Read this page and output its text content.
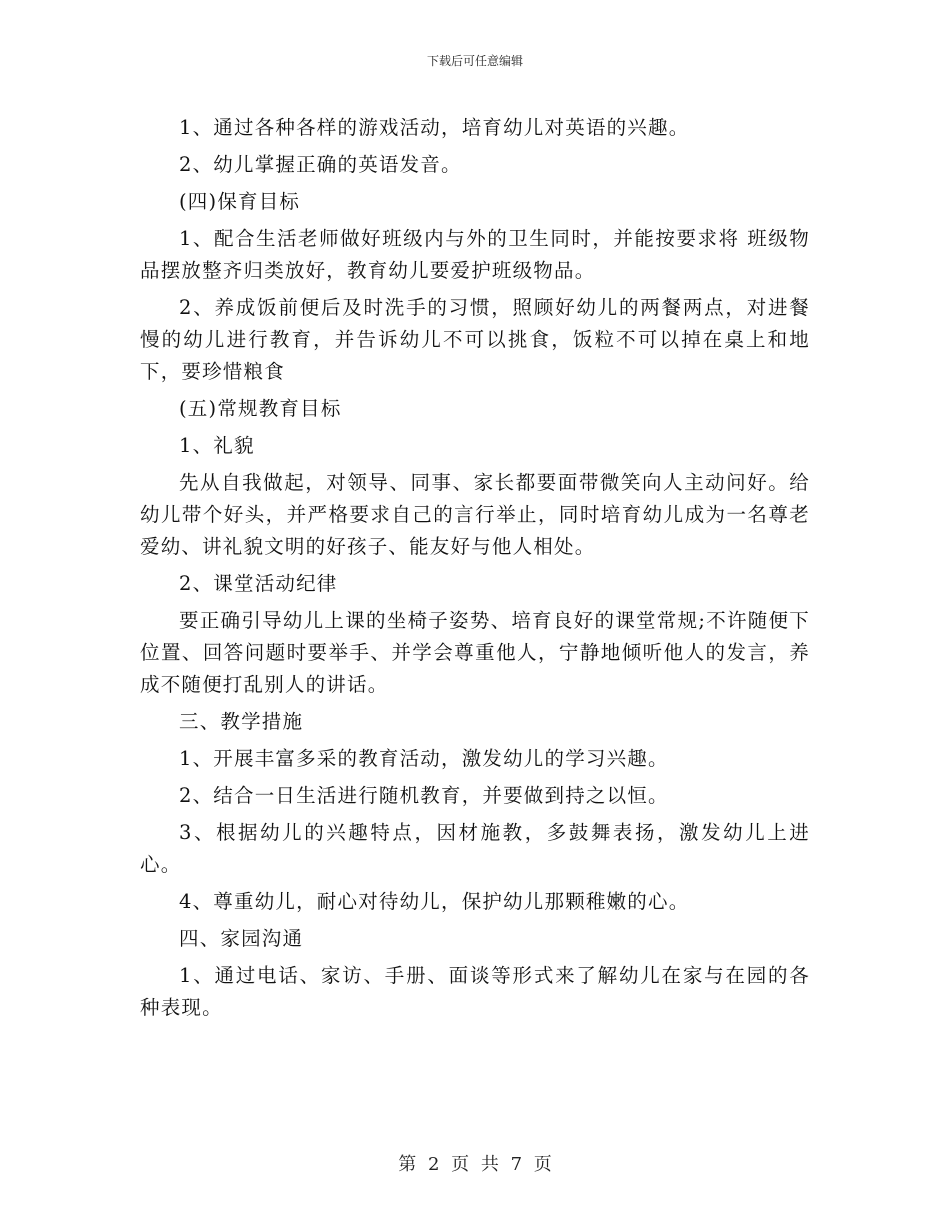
下载后可任意编辑

1、通过各种各样的游戏活动，培育幼儿对英语的兴趣。

2、幼儿掌握正确的英语发音。

(四)保育目标

1、配合生活老师做好班级内与外的卫生同时，并能按要求将 班级物品摆放整齐归类放好，教育幼儿要爱护班级物品。

2、养成饭前便后及时洗手的习惯，照顾好幼儿的两餐两点，对进餐慢的幼儿进行教育，并告诉幼儿不可以挑食，饭粒不可以掉在桌上和地下，要珍惜粮食

(五)常规教育目标

1、礼貌

先从自我做起，对领导、同事、家长都要面带微笑向人主动问好。给幼儿带个好头，并严格要求自己的言行举止，同时培育幼儿成为一名尊老爱幼、讲礼貌文明的好孩子、能友好与他人相处。

2、课堂活动纪律

要正确引导幼儿上课的坐椅子姿势、培育良好的课堂常规;不许随便下位置、回答问题时要举手、并学会尊重他人，宁静地倾听他人的发言，养成不随便打乱别人的讲话。

三、教学措施

1、开展丰富多采的教育活动，激发幼儿的学习兴趣。

2、结合一日生活进行随机教育，并要做到持之以恒。

3、根据幼儿的兴趣特点，因材施教，多鼓舞表扬，激发幼儿上进心。

4、尊重幼儿，耐心对待幼儿，保护幼儿那颗稚嫩的心。

四、家园沟通

1、通过电话、家访、手册、面谈等形式来了解幼儿在家与在园的各种表现。

第 2 页 共 7 页
